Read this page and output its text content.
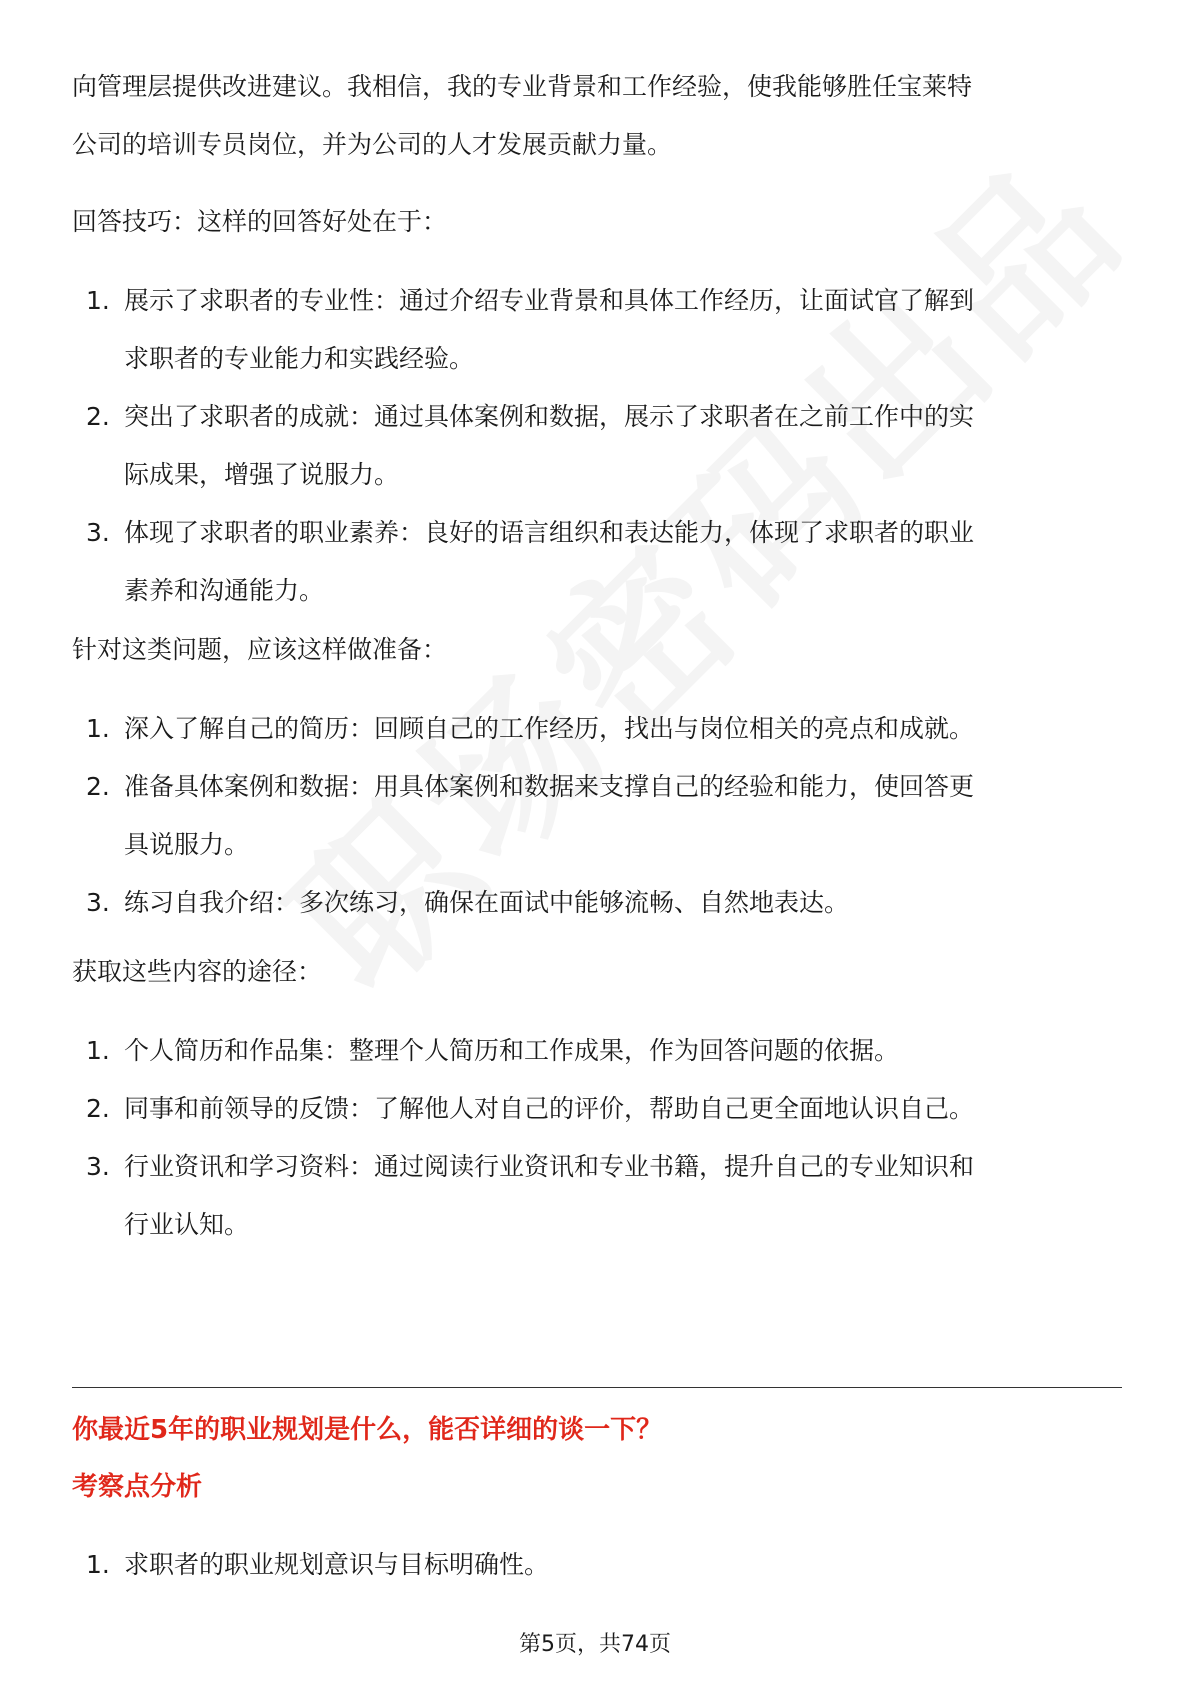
向管理层提供改进建议。我相信，我的专业背景和工作经验，使我能够胜任宝莱特
公司的培训专员岗位，并为公司的人才发展贡献力量。

回答技巧：这样的回答好处在于：

1. 展示了求职者的专业性：通过介绍专业背景和具体工作经历，让面试官了解到
求职者的专业能力和实践经验。
2. 突出了求职者的成就：通过具体案例和数据，展示了求职者在之前工作中的实
际成果，增强了说服力。
3. 体现了求职者的职业素养：良好的语言组织和表达能力，体现了求职者的职业
素养和沟通能力。

针对这类问题，应该这样做准备：

1. 深入了解自己的简历：回顾自己的工作经历，找出与岗位相关的亮点和成就。
2. 准备具体案例和数据：用具体案例和数据来支撑自己的经验和能力，使回答更
具说服力。
3. 练习自我介绍：多次练习，确保在面试中能够流畅、自然地表达。

获取这些内容的途径：

1. 个人简历和作品集：整理个人简历和工作成果，作为回答问题的依据。
2. 同事和前领导的反馈：了解他人对自己的评价，帮助自己更全面地认识自己。
3. 行业资讯和学习资料：通过阅读行业资讯和专业书籍，提升自己的专业知识和
行业认知。

你最近5年的职业规划是什么，能否详细的谈一下？

考察点分析

1. 求职者的职业规划意识与目标明确性。
第5页，共74页
